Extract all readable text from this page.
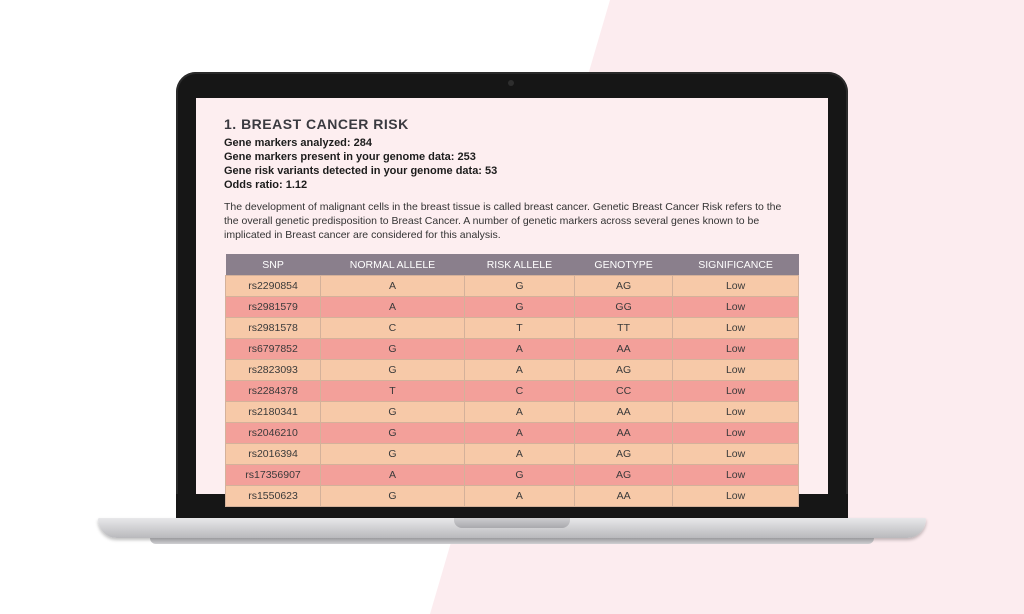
1. BREAST CANCER RISK
Gene markers analyzed: 284
Gene markers present in your genome data: 253
Gene risk variants detected in your genome data: 53
Odds ratio: 1.12
The development of malignant cells in the breast tissue is called breast cancer. Genetic Breast Cancer Risk refers to the the overall genetic predisposition to Breast Cancer. A number of genetic markers across several genes known to be implicated in Breast cancer are considered for this analysis.
SNP	NORMAL ALLELE	RISK ALLELE	GENOTYPE	SIGNIFICANCE
rs2290854	A	G	AG	Low
rs2981579	A	G	GG	Low
rs2981578	C	T	TT	Low
rs6797852	G	A	AA	Low
rs2823093	G	A	AG	Low
rs2284378	T	C	CC	Low
rs2180341	G	A	AA	Low
rs2046210	G	A	AA	Low
rs2016394	G	A	AG	Low
rs17356907	A	G	AG	Low
rs1550623	G	A	AA	Low
